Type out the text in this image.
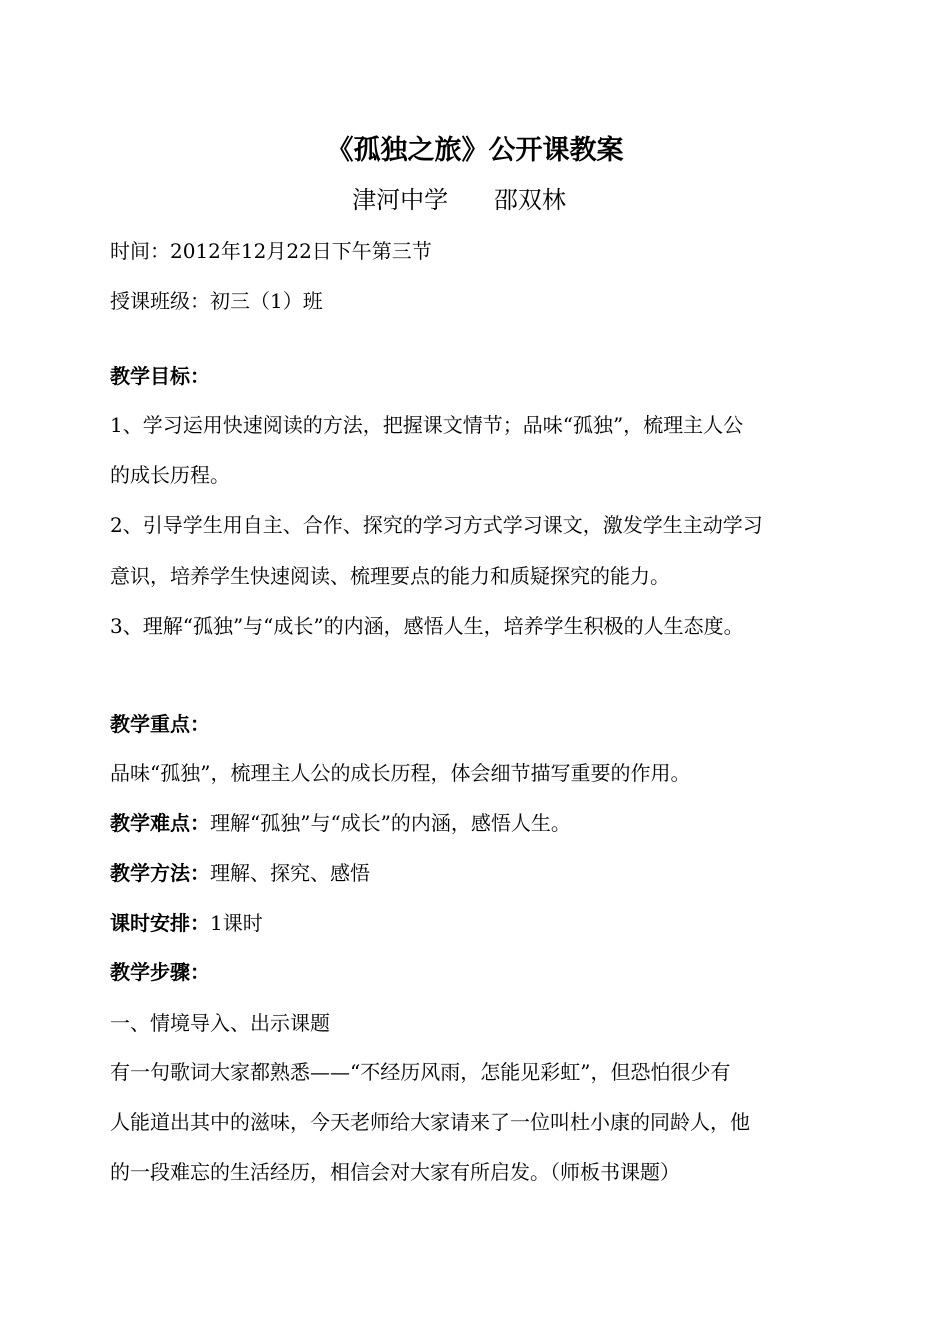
《孤独之旅》公开课教案
津河中学      邵双林
时间：2012年12月22日下午第三节
授课班级：初三（1）班
教学目标：
1、学习运用快速阅读的方法，把握课文情节；品味“孤独”，梳理主人公
的成长历程。
2、引导学生用自主、合作、探究的学习方式学习课文，激发学生主动学习
意识，培养学生快速阅读、梳理要点的能力和质疑探究的能力。
3、理解“孤独”与“成长”的内涵，感悟人生，培养学生积极的人生态度。
教学重点：
品味“孤独”，梳理主人公的成长历程，体会细节描写重要的作用。
教学难点：理解“孤独”与“成长”的内涵，感悟人生。
教学方法：理解、探究、感悟
课时安排：1课时
教学步骤：
一、情境导入、出示课题
有一句歌词大家都熟悉——“不经历风雨，怎能见彩虹”，但恐怕很少有
人能道出其中的滋味，今天老师给大家请来了一位叫杜小康的同龄人，他
的一段难忘的生活经历，相信会对大家有所启发。（师板书课题）
